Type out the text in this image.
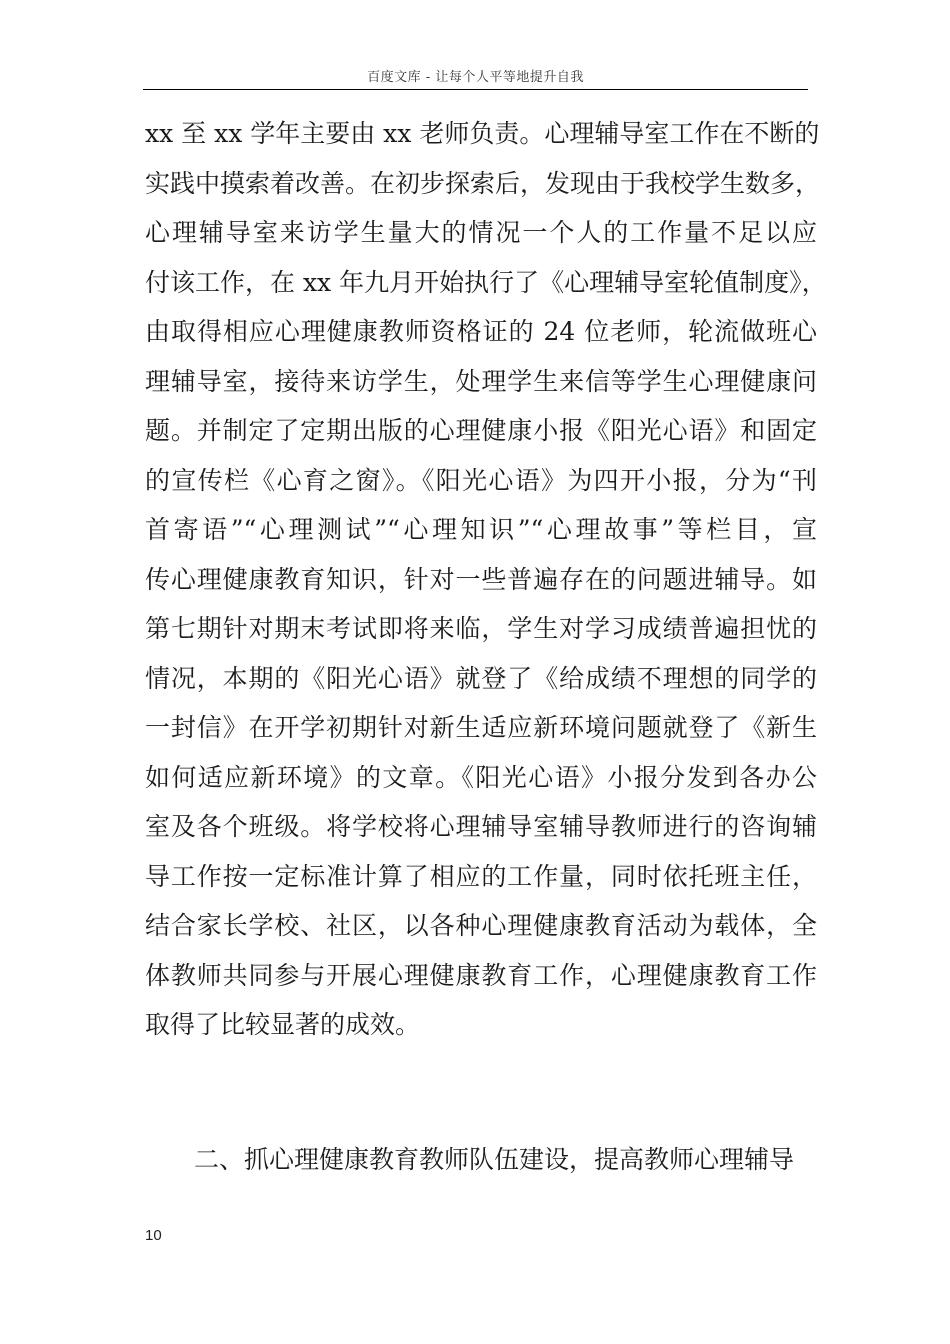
百度文库 - 让每个人平等地提升自我
xx 至 xx 学年主要由 xx 老师负责。心理辅导室工作在不断的
实践中摸索着改善。在初步探索后，发现由于我校学生数多，
心理辅导室来访学生量大的情况一个人的工作量不足以应
付该工作，在 xx 年九月开始执行了《心理辅导室轮值制度》，
由取得相应心理健康教师资格证的 24 位老师，轮流做班心
理辅导室，接待来访学生，处理学生来信等学生心理健康问
题。并制定了定期出版的心理健康小报《阳光心语》和固定
的宣传栏《心育之窗》。《阳光心语》为四开小报，分为“刊
首寄语”“心理测试”“心理知识”“心理故事”等栏目，宣
传心理健康教育知识，针对一些普遍存在的问题进辅导。如
第七期针对期末考试即将来临，学生对学习成绩普遍担忧的
情况，本期的《阳光心语》就登了《给成绩不理想的同学的
一封信》在开学初期针对新生适应新环境问题就登了《新生
如何适应新环境》的文章。《阳光心语》小报分发到各办公
室及各个班级。将学校将心理辅导室辅导教师进行的咨询辅
导工作按一定标准计算了相应的工作量，同时依托班主任，
结合家长学校、社区，以各种心理健康教育活动为载体，全
体教师共同参与开展心理健康教育工作，心理健康教育工作
取得了比较显著的成效。
二、抓心理健康教育教师队伍建设，提高教师心理辅导
10
